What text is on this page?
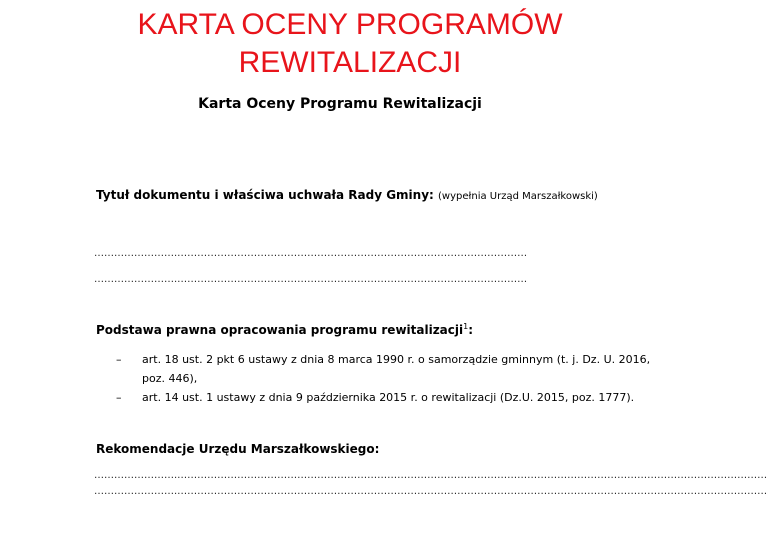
KARTA OCENY PROGRAMÓW
REWITALIZACJI
Karta Oceny Programu Rewitalizacji
Tytuł dokumentu i właściwa uchwała Rady Gminy: (wypełnia Urząd Marszałkowski)
…………………….……………………………………………………………………………………………
…………………….……………………………………………………………………………………………
Podstawa prawna opracowania programu rewitalizacji$^1$:
– art. 18 ust. 2 pkt 6 ustawy z dnia 8 marca 1990 r. o samorządzie gminnym (t. j. Dz. U. 2016, poz. 446),
– art. 14 ust. 1 ustawy z dnia 9 października 2015 r. o rewitalizacji (Dz.U. 2015, poz. 1777).
Rekomendacje Urzędu Marszałkowskiego:
…………………….……………………………………………………………………………………………………………………………………………………………
…………………….……………………………………………………………………………………………………………………………………………………………
